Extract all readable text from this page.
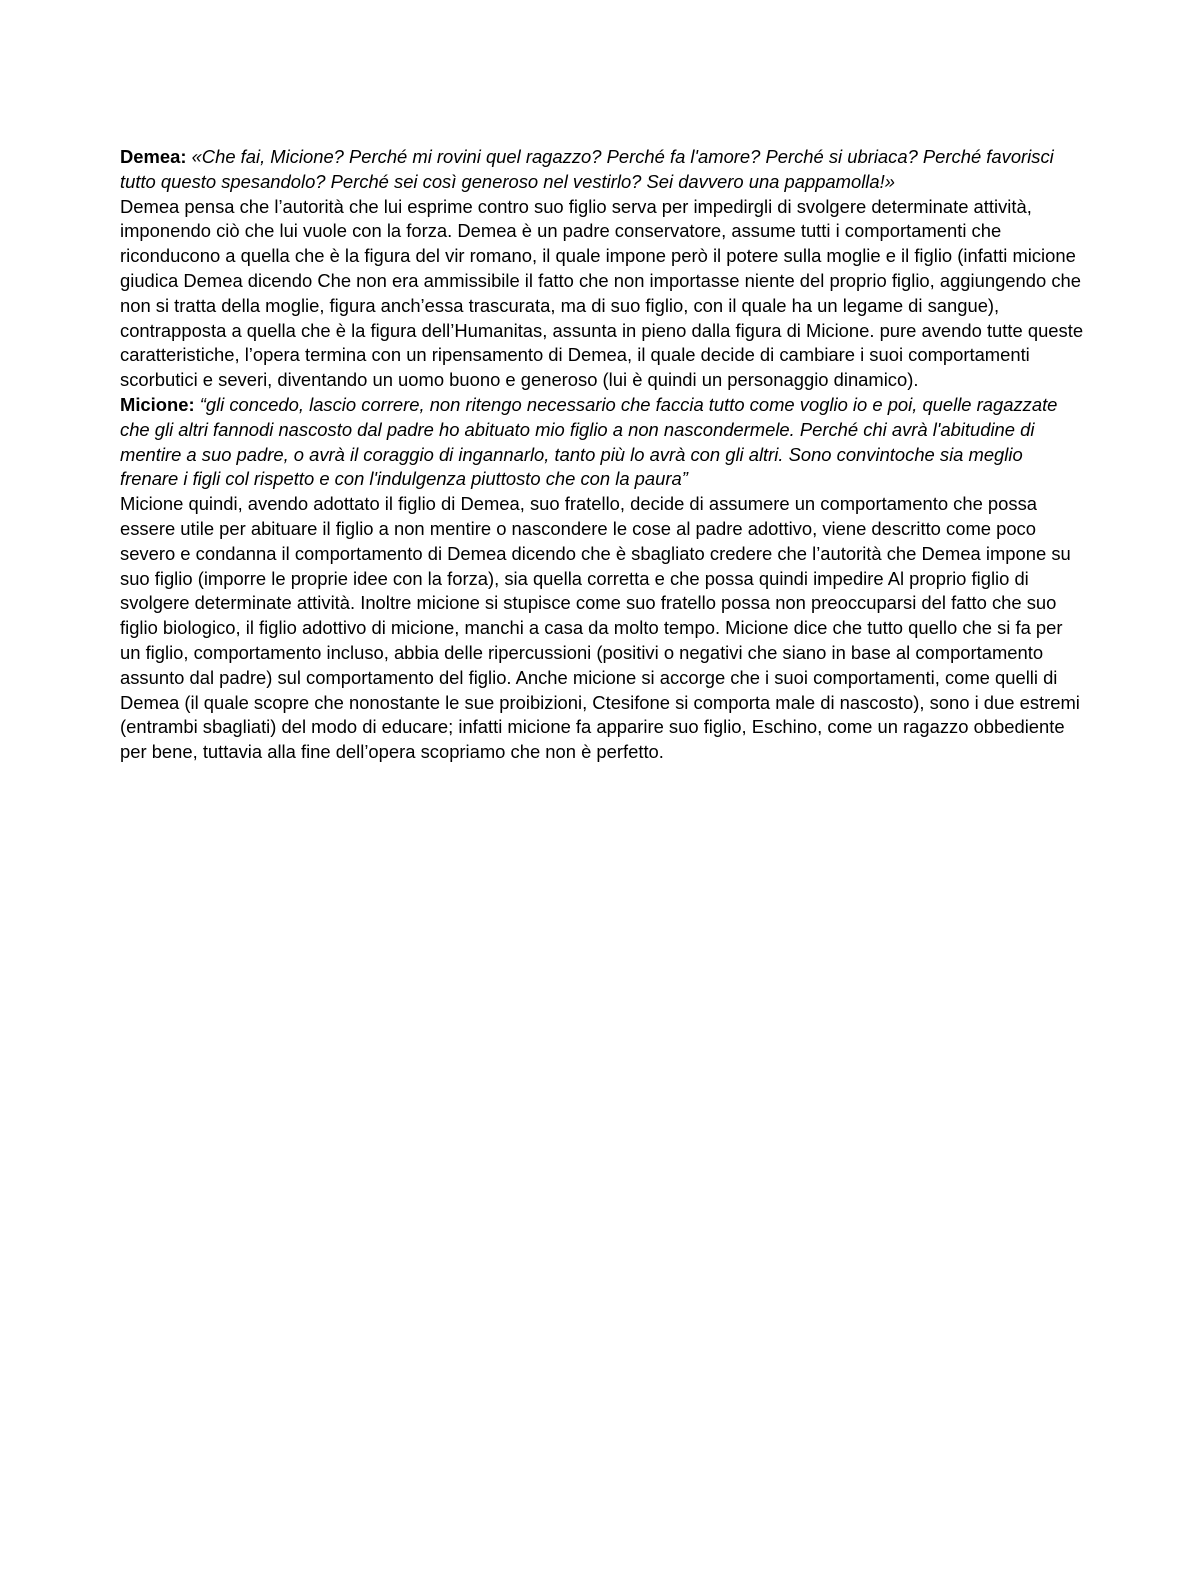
Demea: «Che fai, Micione? Perché mi rovini quel ragazzo? Perché fa l'amore? Perché si ubriaca? Perché favorisci tutto questo spesandolo? Perché sei così generoso nel vestirlo? Sei davvero una pappamolla!»

Demea pensa che l’autorità che lui esprime contro suo figlio serva per impedirgli di svolgere determinate attività, imponendo ciò che lui vuole con la forza. Demea è un padre conservatore, assume tutti i comportamenti che riconducono a quella che è la figura del vir romano, il quale impone però il potere sulla moglie e il figlio (infatti micione giudica Demea dicendo Che non era ammissibile il fatto che non importasse niente del proprio figlio, aggiungendo che non si tratta della moglie, figura anch’essa trascurata, ma di suo figlio, con il quale ha un legame di sangue), contrapposta a quella che è la figura dell’Humanitas, assunta in pieno dalla figura di Micione. pure avendo tutte queste caratteristiche, l’opera termina con un ripensamento di Demea, il quale decide di cambiare i suoi comportamenti scorbutici e severi, diventando un uomo buono e generoso (lui è quindi un personaggio dinamico).

Micione: “gli concedo, lascio correre, non ritengo necessario che faccia tutto come voglio io e poi, quelle ragazzate che gli altri fannodi nascosto dal padre ho abituato mio figlio a non nascondermele. Perché chi avrà l'abitudine di mentire a suo padre, o avrà il coraggio di ingannarlo, tanto più lo avrà con gli altri. Sono convintoche sia meglio frenare i figli col rispetto e con l'indulgenza piuttosto che con la paura”

Micione quindi, avendo adottato il figlio di Demea, suo fratello, decide di assumere un comportamento che possa essere utile per abituare il figlio a non mentire o nascondere le cose al padre adottivo, viene descritto come poco severo e condanna il comportamento di Demea dicendo che è sbagliato credere che l’autorità che Demea impone su suo figlio (imporre le proprie idee con la forza), sia quella corretta e che possa quindi impedire Al proprio figlio di svolgere determinate attività. Inoltre micione si stupisce come suo fratello possa non preoccuparsi del fatto che suo figlio biologico, il figlio adottivo di micione, manchi a casa da molto tempo. Micione dice che tutto quello che si fa per un figlio, comportamento incluso, abbia delle ripercussioni (positivi o negativi che siano in base al comportamento assunto dal padre) sul comportamento del figlio. Anche micione si accorge che i suoi comportamenti, come quelli di Demea (il quale scopre che nonostante le sue proibizioni, Ctesifone si comporta male di nascosto), sono i due estremi (entrambi sbagliati) del modo di educare; infatti micione fa apparire suo figlio, Eschino, come un ragazzo obbediente per bene, tuttavia alla fine dell’opera scopriamo che non è perfetto.
